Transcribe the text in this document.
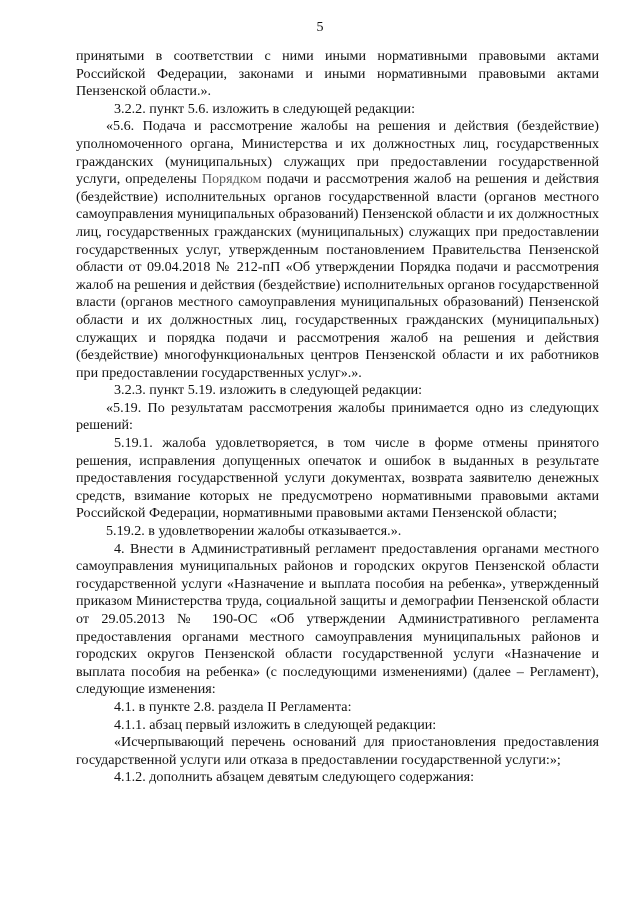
5

принятыми в соответствии с ними иными нормативными правовыми актами Российской Федерации, законами и иными нормативными правовыми актами Пензенской области.».

3.2.2. пункт 5.6. изложить в следующей редакции:

«5.6. Подача и рассмотрение жалобы на решения и действия (бездействие) уполномоченного органа, Министерства и их должностных лиц, государственных гражданских (муниципальных) служащих при предоставлении государственной услуги, определены Порядком подачи и рассмотрения жалоб на решения и действия (бездействие) исполнительных органов государственной власти (органов местного самоуправления муниципальных образований) Пензенской области и их должностных лиц, государственных гражданских (муниципальных) служащих при предоставлении государственных услуг, утвержденным постановлением Правительства Пензенской области от 09.04.2018 № 212-пП «Об утверждении Порядка подачи и рассмотрения жалоб на решения и действия (бездействие) исполнительных органов государственной власти (органов местного самоуправления муниципальных образований) Пензенской области и их должностных лиц, государственных гражданских (муниципальных) служащих и порядка подачи и рассмотрения жалоб на решения и действия (бездействие) многофункциональных центров Пензенской области и их работников при предоставлении государственных услуг».».

3.2.3. пункт 5.19. изложить в следующей редакции:

«5.19. По результатам рассмотрения жалобы принимается одно из следующих решений:

5.19.1. жалоба удовлетворяется, в том числе в форме отмены принятого решения, исправления допущенных опечаток и ошибок в выданных в результате предоставления государственной услуги документах, возврата заявителю денежных средств, взимание которых не предусмотрено нормативными правовыми актами Российской Федерации, нормативными правовыми актами Пензенской области;

5.19.2. в удовлетворении жалобы отказывается.».

4. Внести в Административный регламент предоставления органами местного самоуправления муниципальных районов и городских округов Пензенской области государственной услуги «Назначение и выплата пособия на ребенка», утвержденный приказом Министерства труда, социальной защиты и демографии Пензенской области от 29.05.2013 № 190-ОС «Об утверждении Административного регламента предоставления органами местного самоуправления муниципальных районов и городских округов Пензенской области государственной услуги «Назначение и выплата пособия на ребенка» (с последующими изменениями) (далее – Регламент), следующие изменения:

4.1. в пункте 2.8. раздела II Регламента:

4.1.1. абзац первый изложить в следующей редакции:

«Исчерпывающий перечень оснований для приостановления предоставления государственной услуги или отказа в предоставлении государственной услуги:»;

4.1.2. дополнить абзацем девятым следующего содержания:
